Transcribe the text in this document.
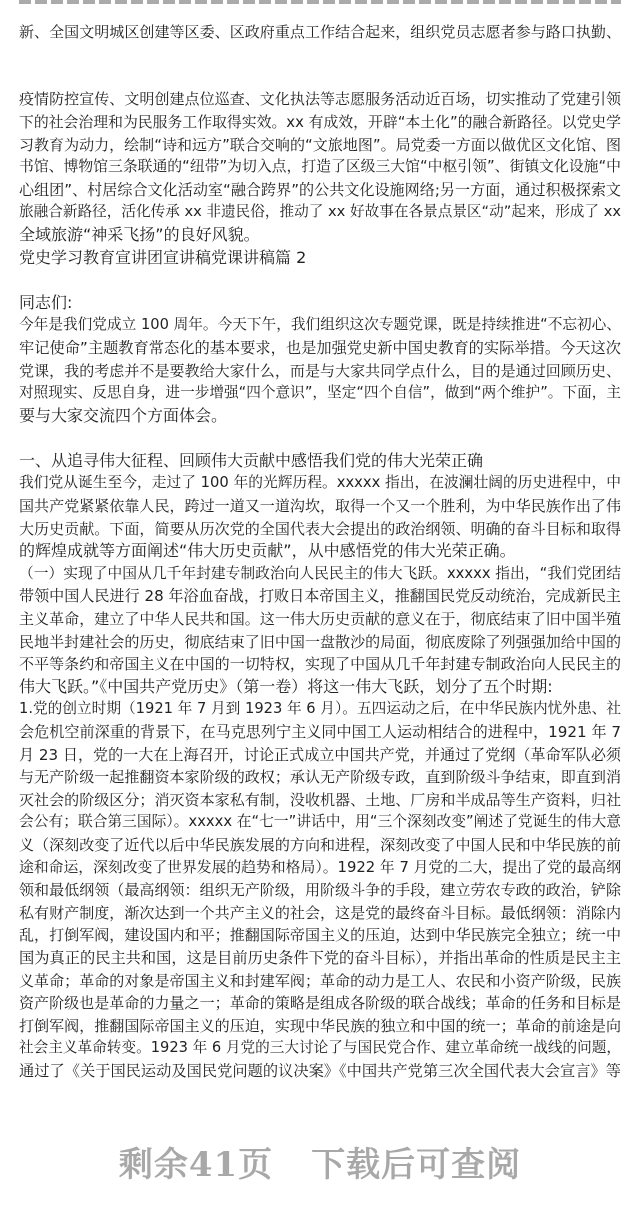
新、全国文明城区创建等区委、区政府重点工作结合起来，组织党员志愿者参与路口执勤、
疫情防控宣传、文明创建点位巡查、文化执法等志愿服务活动近百场，切实推动了党建引领
下的社会治理和为民服务工作取得实效。xx 有成效，开辟“本土化”的融合新路径。以党史学
习教育为动力，绘制“诗和远方”联合交响的“文旅地图”。局党委一方面以做优区文化馆、图
书馆、博物馆三条联通的“纽带”为切入点，打造了区级三大馆“中枢引领”、街镇文化设施“中
心组团”、村居综合文化活动室“融合跨界”的公共文化设施网络;另一方面，通过积极探索文
旅融合新路径，活化传承 xx 非遗民俗，推动了 xx 好故事在各景点景区“动”起来，形成了 xx
全域旅游“神采飞扬”的良好风貌。
党史学习教育宣讲团宣讲稿党课讲稿篇 2
同志们:
今年是我们党成立 100 周年。今天下午，我们组织这次专题党课，既是持续推进“不忘初心、
牢记使命”主题教育常态化的基本要求，也是加强党史新中国史教育的实际举措。今天这次
党课，我的考虑并不是要教给大家什么，而是与大家共同学点什么，目的是通过回顾历史、
对照现实、反思自身，进一步增强“四个意识”，坚定“四个自信”，做到“两个维护”。下面，主
要与大家交流四个方面体会。
一、从追寻伟大征程、回顾伟大贡献中感悟我们党的伟大光荣正确
我们党从诞生至今，走过了 100 年的光辉历程。xxxxx 指出，在波澜壮阔的历史进程中，中
国共产党紧紧依靠人民，跨过一道又一道沟坎，取得一个又一个胜利，为中华民族作出了伟
大历史贡献。下面，简要从历次党的全国代表大会提出的政治纲领、明确的奋斗目标和取得
的辉煌成就等方面阐述“伟大历史贡献”，从中感悟党的伟大光荣正确。
（一）实现了中国从几千年封建专制政治向人民民主的伟大飞跃。xxxxx 指出，“我们党团结
带领中国人民进行 28 年浴血奋战，打败日本帝国主义，推翻国民党反动统治，完成新民主
主义革命，建立了中华人民共和国。这一伟大历史贡献的意义在于，彻底结束了旧中国半殖
民地半封建社会的历史，彻底结束了旧中国一盘散沙的局面，彻底废除了列强强加给中国的
不平等条约和帝国主义在中国的一切特权，实现了中国从几千年封建专制政治向人民民主的
伟大飞跃。”《中国共产党历史》（第一卷）将这一伟大飞跃，划分了五个时期:
1.党的创立时期（1921 年 7 月到 1923 年 6 月）。五四运动之后，在中华民族内忧外患、社
会危机空前深重的背景下，在马克思列宁主义同中国工人运动相结合的进程中，1921 年 7
月 23 日，党的一大在上海召开，讨论正式成立中国共产党，并通过了党纲（革命军队必须
与无产阶级一起推翻资本家阶级的政权；承认无产阶级专政，直到阶级斗争结束，即直到消
灭社会的阶级区分；消灭资本家私有制，没收机器、土地、厂房和半成品等生产资料，归社
会公有；联合第三国际）。xxxxx 在“七一”讲话中，用“三个深刻改变”阐述了党诞生的伟大意
义（深刻改变了近代以后中华民族发展的方向和进程，深刻改变了中国人民和中华民族的前
途和命运，深刻改变了世界发展的趋势和格局）。1922 年 7 月党的二大，提出了党的最高纲
领和最低纲领（最高纲领：组织无产阶级，用阶级斗争的手段，建立劳农专政的政治，铲除
私有财产制度，渐次达到一个共产主义的社会，这是党的最终奋斗目标。最低纲领：消除内
乱，打倒军阀，建设国内和平；推翻国际帝国主义的压迫，达到中华民族完全独立；统一中
国为真正的民主共和国，这是目前历史条件下党的奋斗目标），并指出革命的性质是民主主
义革命；革命的对象是帝国主义和封建军阀；革命的动力是工人、农民和小资产阶级，民族
资产阶级也是革命的力量之一；革命的策略是组成各阶级的联合战线；革命的任务和目标是
打倒军阀，推翻国际帝国主义的压迫，实现中华民族的独立和中国的统一；革命的前途是向
社会主义革命转变。1923 年 6 月党的三大讨论了与国民党合作、建立革命统一战线的问题，
通过了《关于国民运动及国民党问题的议决案》《中国共产党第三次全国代表大会宣言》等
剩余41页 下载后可查阅
